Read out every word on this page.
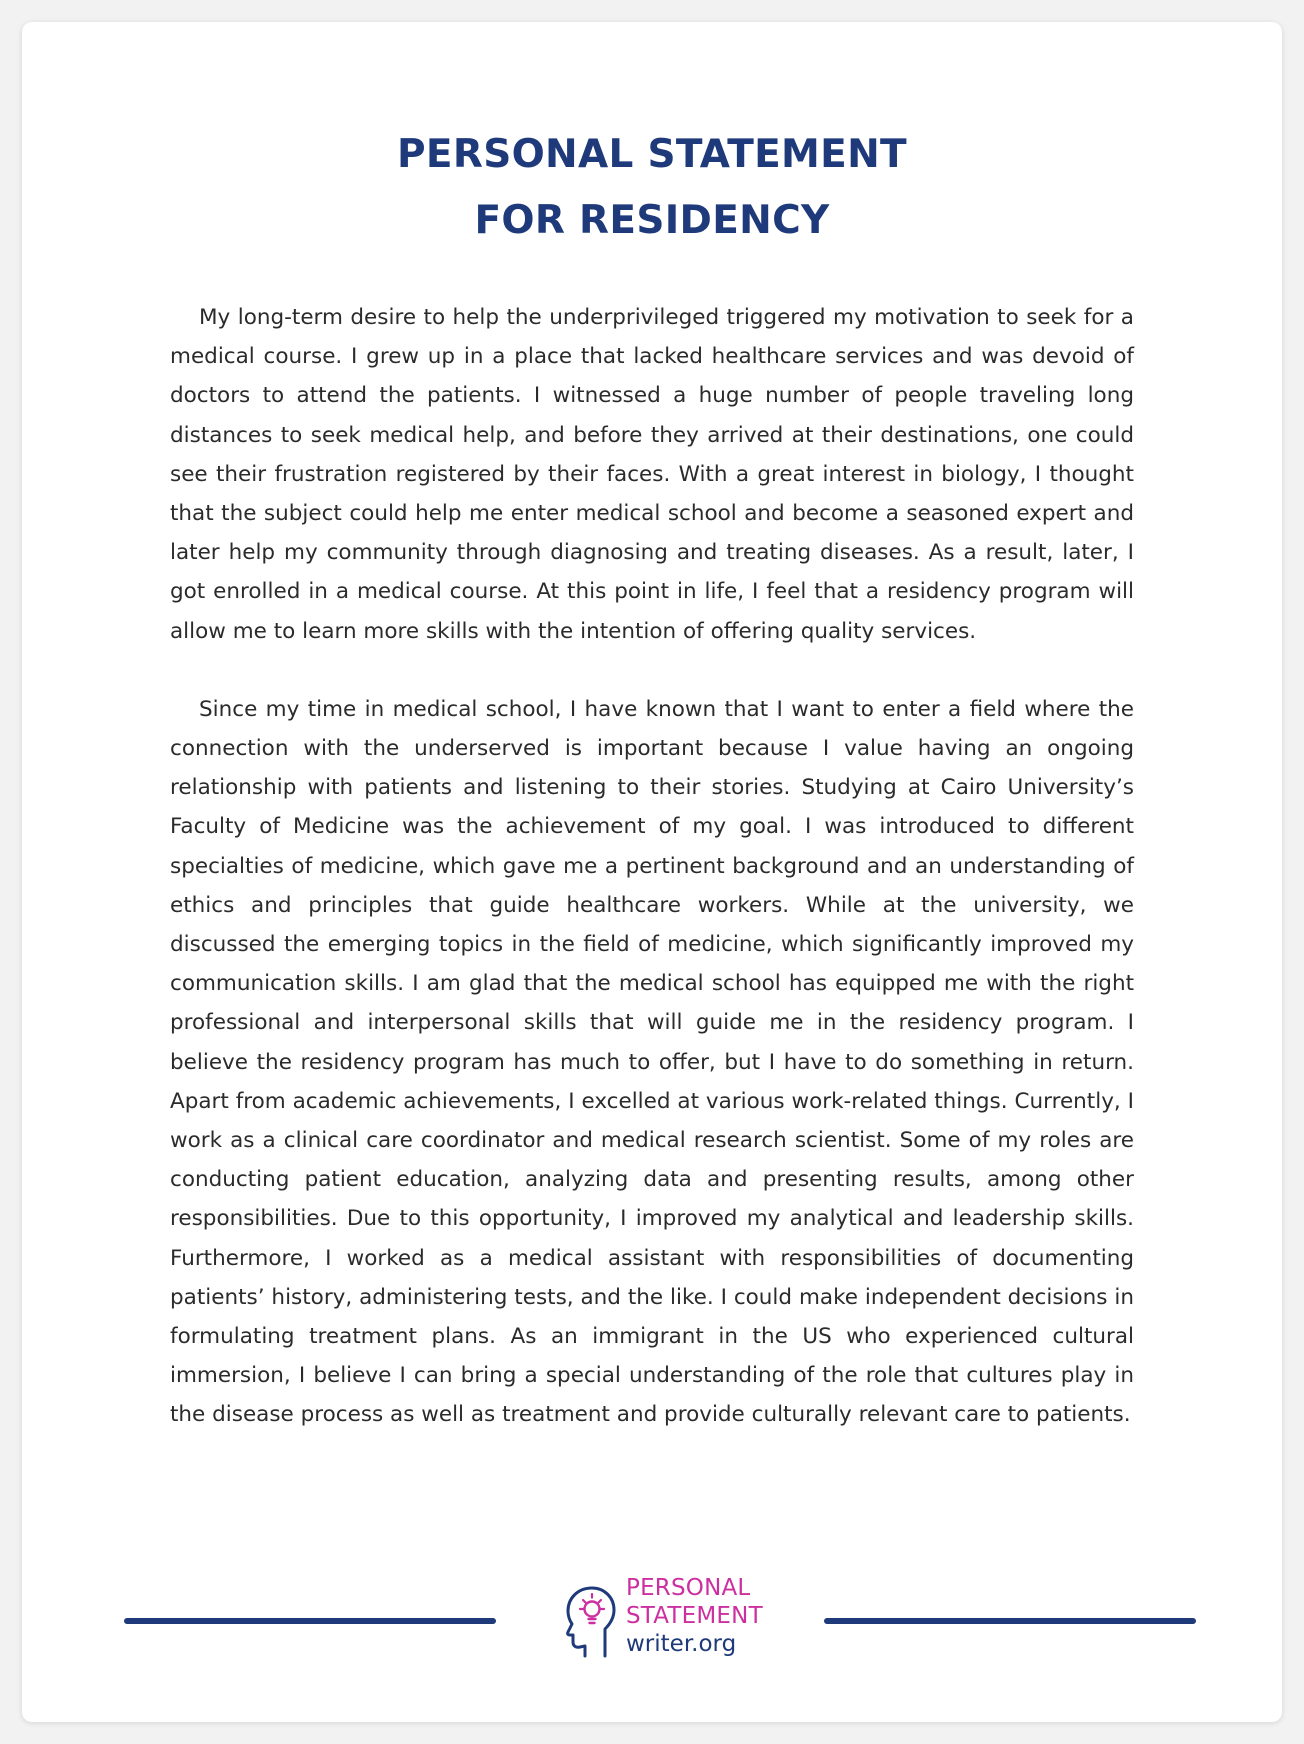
PERSONAL STATEMENT
FOR RESIDENCY

My long-term desire to help the underprivileged triggered my motivation to seek for a medical course. I grew up in a place that lacked healthcare services and was devoid of doctors to attend the patients. I witnessed a huge number of people traveling long distances to seek medical help, and before they arrived at their destinations, one could see their frustration registered by their faces. With a great interest in biology, I thought that the subject could help me enter medical school and become a seasoned expert and later help my community through diagnosing and treating diseases. As a result, later, I got enrolled in a medical course. At this point in life, I feel that a residency program will allow me to learn more skills with the intention of offering quality services.

Since my time in medical school, I have known that I want to enter a field where the connection with the underserved is important because I value having an ongoing relationship with patients and listening to their stories. Studying at Cairo University’s Faculty of Medicine was the achievement of my goal. I was introduced to different specialties of medicine, which gave me a pertinent background and an understanding of ethics and principles that guide healthcare workers. While at the university, we discussed the emerging topics in the field of medicine, which significantly improved my communication skills. I am glad that the medical school has equipped me with the right professional and interpersonal skills that will guide me in the residency program. I believe the residency program has much to offer, but I have to do something in return. Apart from academic achievements, I excelled at various work-related things. Currently, I work as a clinical care coordinator and medical research scientist. Some of my roles are conducting patient education, analyzing data and presenting results, among other responsibilities. Due to this opportunity, I improved my analytical and leadership skills. Furthermore, I worked as a medical assistant with responsibilities of documenting patients’ history, administering tests, and the like. I could make independent decisions in formulating treatment plans. As an immigrant in the US who experienced cultural immersion, I believe I can bring a special understanding of the role that cultures play in the disease process as well as treatment and provide culturally relevant care to patients.

PERSONAL
STATEMENT
writer.org
